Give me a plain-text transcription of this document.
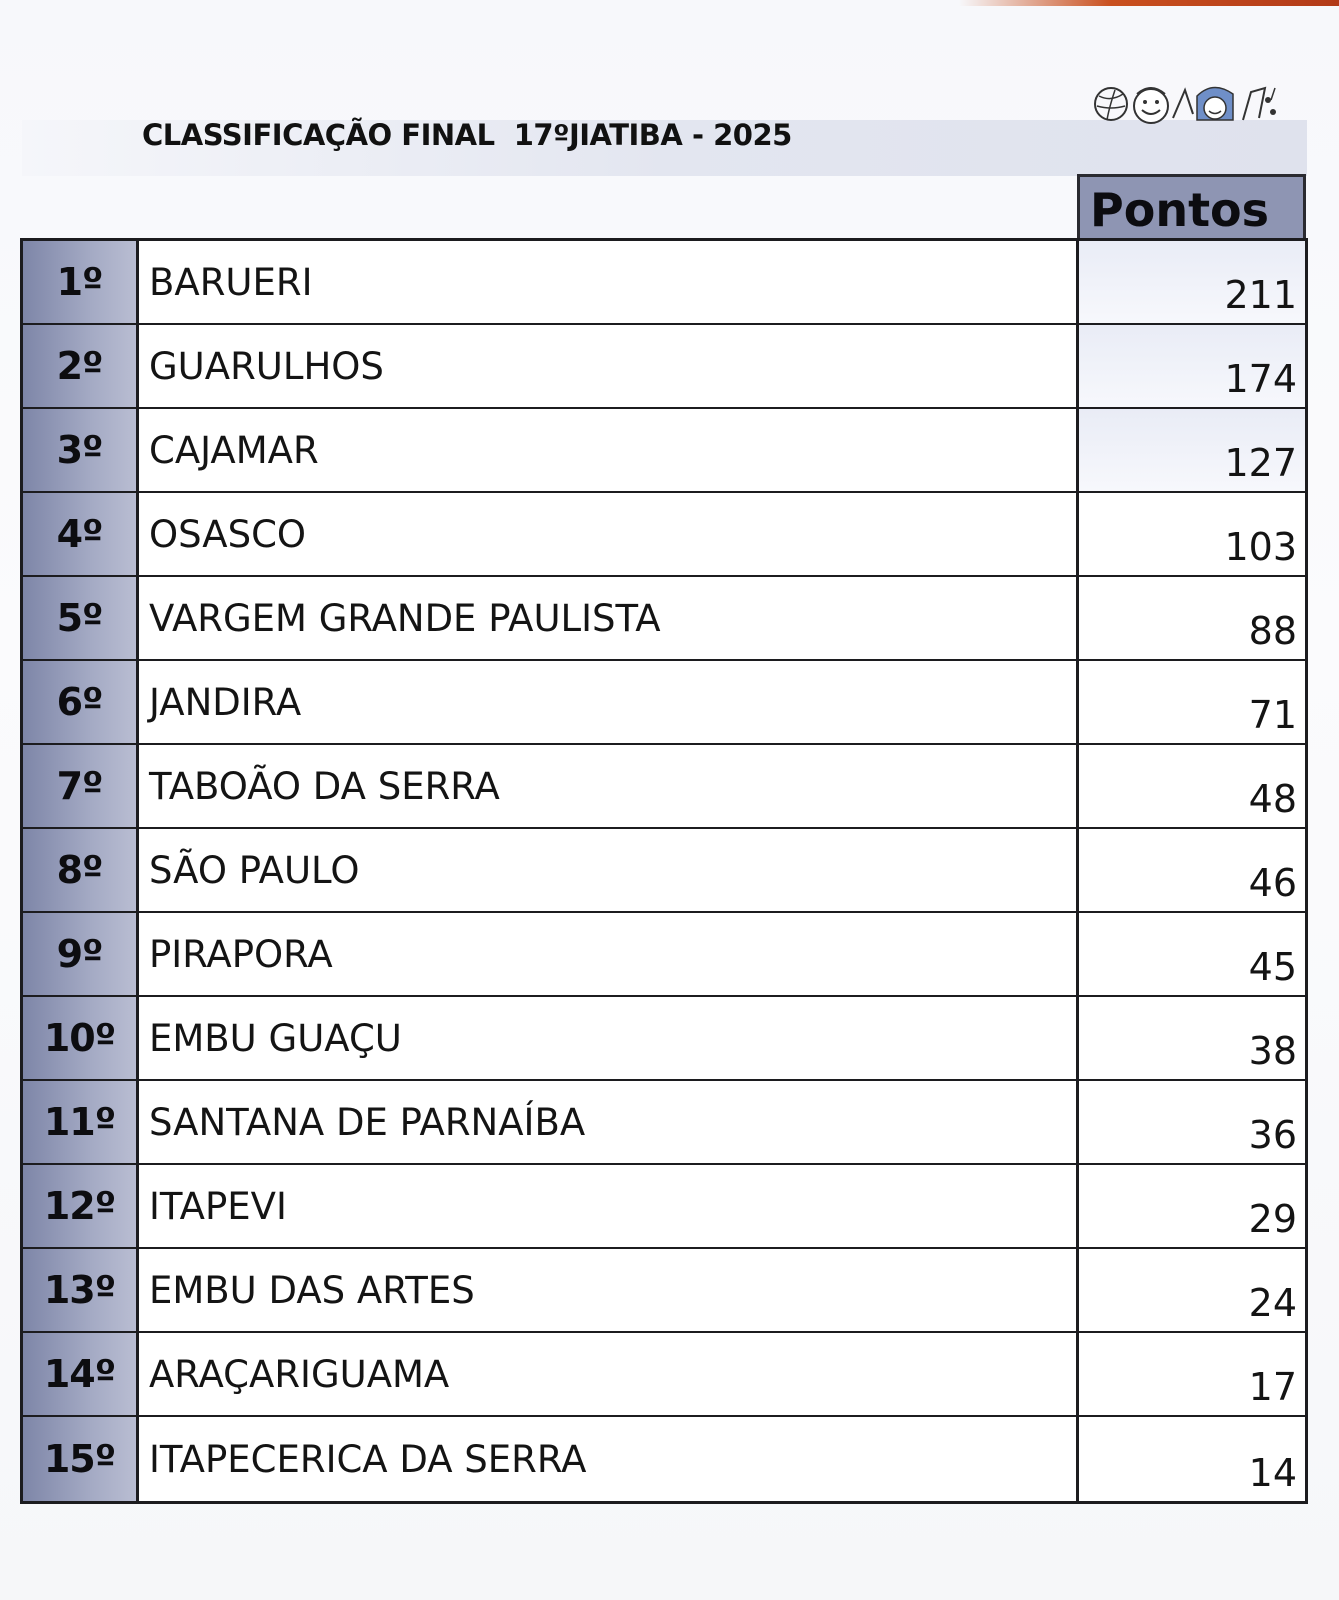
CLASSIFICAÇÃO FINAL  17ºJIATIBA - 2025
Pontos
1º	BARUERI	211
2º	GUARULHOS	174
3º	CAJAMAR	127
4º	OSASCO	103
5º	VARGEM GRANDE PAULISTA	88
6º	JANDIRA	71
7º	TABOÃO DA SERRA	48
8º	SÃO PAULO	46
9º	PIRAPORA	45
10º EMBU GUAÇU	38
11º SANTANA DE PARNAÍBA	36
12º ITAPEVI	29
13º EMBU DAS ARTES	24
14º ARAÇARIGUAMA	17
15º ITAPECERICA DA SERRA	14
